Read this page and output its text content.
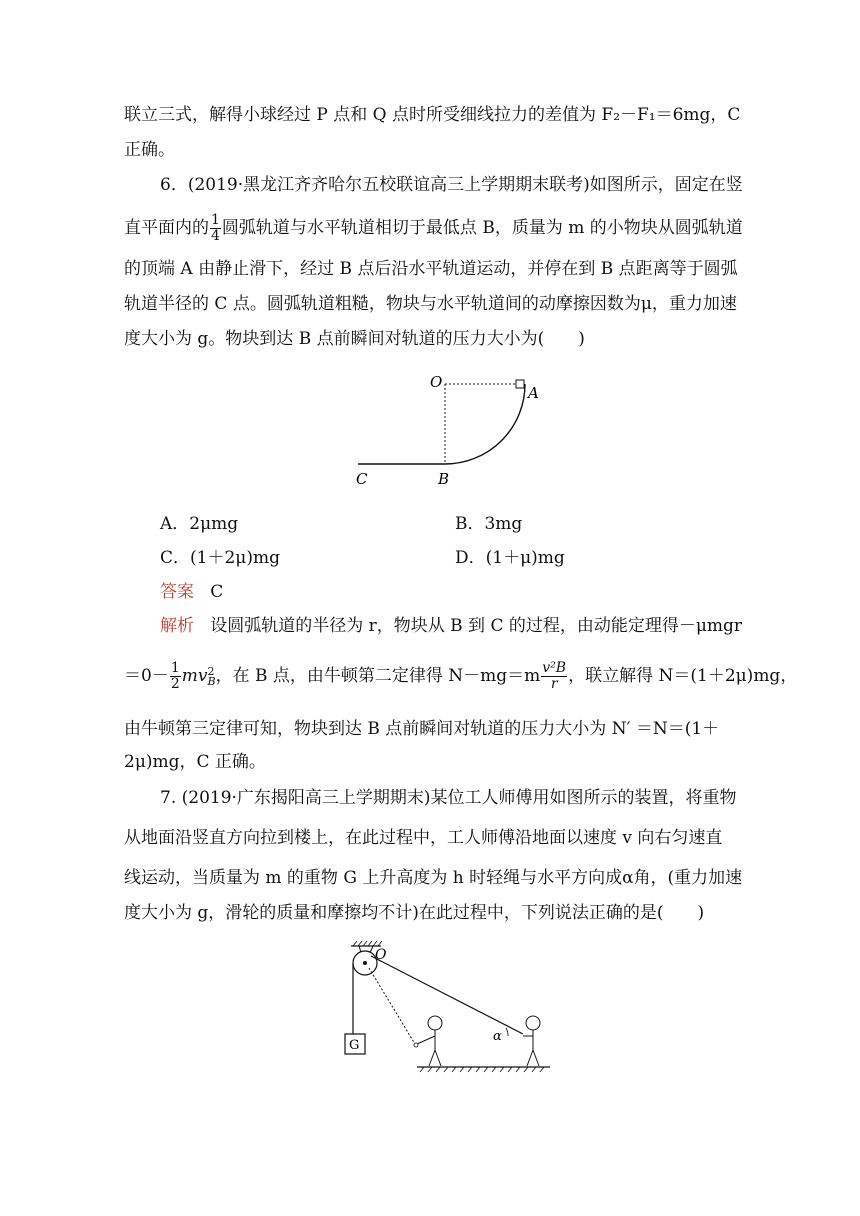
联立三式，解得小球经过 P 点和 Q 点时所受细线拉力的差值为 F₂－F₁＝6mg，C
正确。
6．(2019·黑龙江齐齐哈尔五校联谊高三上学期期末联考)如图所示，固定在竖
直平面内的 $\frac{1}{4}$ 圆弧轨道与水平轨道相切于最低点 B，质量为 m 的小物块从圆弧轨道
的顶端 A 由静止滑下，经过 B 点后沿水平轨道运动，并停在到 B 点距离等于圆弧
轨道半径的 C 点。圆弧轨道粗糙，物块与水平轨道间的动摩擦因数为μ，重力加速
度大小为 g。物块到达 B 点前瞬间对轨道的压力大小为(　　)
O
A
C	B
A．2μmg	B．3mg
C．(1＋2μ)mg	D．(1＋μ)mg
答案 C
解析 设圆弧轨道的半径为 r，物块从 B 到 C 的过程，由动能定理得－μmgr
$=0- \frac{1}{2}$ mv 2
B ，在 B 点，由牛顿第二定律得 $N-mg=m \frac{\text{v²B}}{r}$ ，联立解得 N＝(1＋2μ)mg，
由牛顿第三定律可知，物块到达 B 点前瞬间对轨道的压力大小为 N′ ＝N＝(1＋
2μ)mg，C 正确。
7. (2019·广东揭阳高三上学期期末)某位工人师傅用如图所示的装置，将重物
从地面沿竖直方向拉到楼上，在此过程中，工人师傅沿地面以速度 v 向右匀速直
线运动，当质量为 m 的重物 G 上升高度为 h 时轻绳与水平方向成α角，(重力加速
度大小为 g，滑轮的质量和摩擦均不计)在此过程中，下列说法正确的是(　　)
O
G
α
